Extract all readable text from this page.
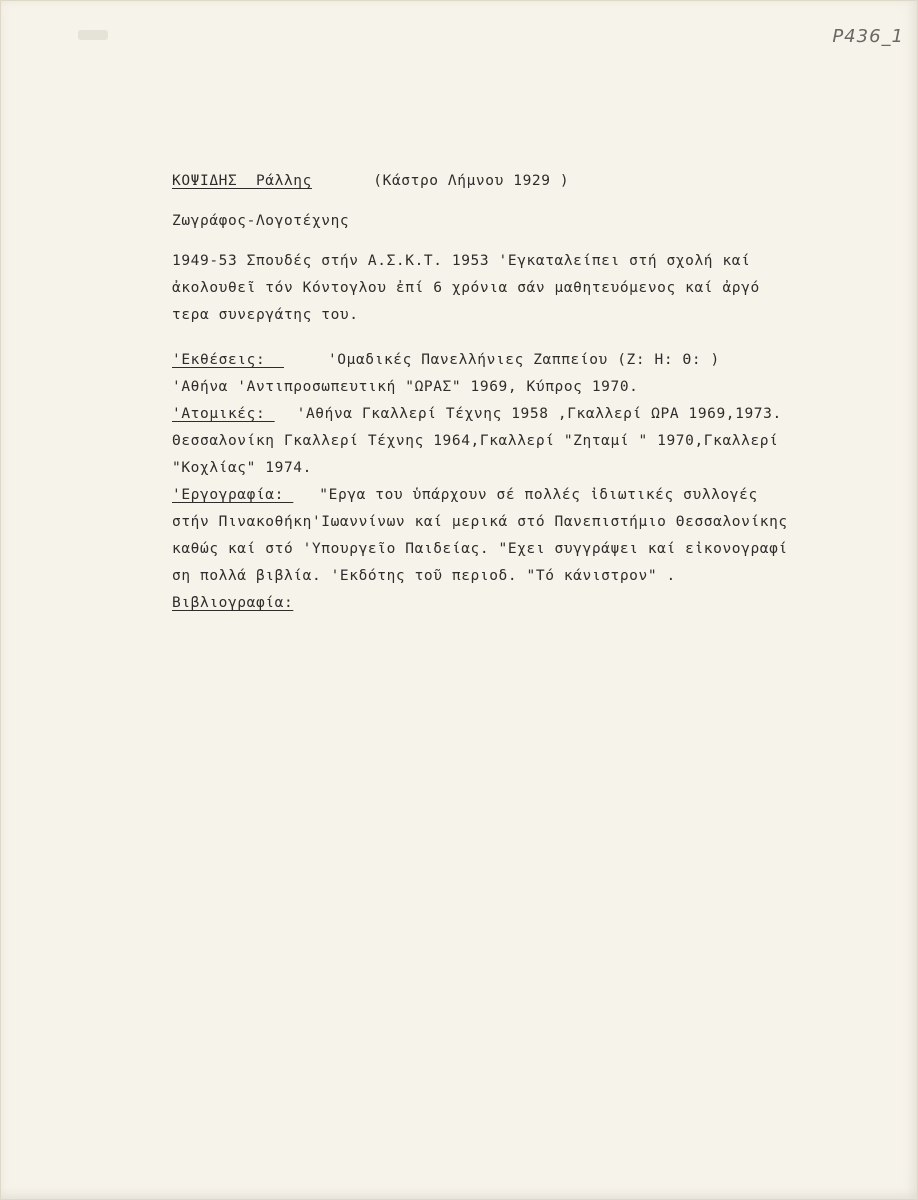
Ρ436_1
ΚΟΨΙΔΗΣ__Ράλλης	(Κάστρο Λήμνου 1929 )
Ζωγράφος-Λογοτέχνης
1949-53 Σπουδές στήν Α.Σ.Κ.Τ. 1953 'Εγκαταλείπει στή σχολή καί
ἀκολουθεῖ τόν Κόντογλου ἐπί 6 χρόνια σάν μαθητευόμενος καί ἀργό
τερα συνεργάτης του.
'Εκθέσεις:__	'Ομαδικές Πανελλήνιες Ζαππείου (Ζ: Η: Θ: )
'Αθήνα 'Αντιπροσωπευτική "ΩΡΑΣ" 1969, Κύπρος 1970.
'Ατομικές:_ 'Αθήνα Γκαλλερί Τέχνης 1958 ,Γκαλλερί ΩΡΑ 1969,1973.
Θεσσαλονίκη Γκαλλερί Τέχνης 1964,Γκαλλερί "Ζηταμί " 1970,Γκαλλερί
"Κοχλίας" 1974.
'Εργογραφία:_ "Εργα του ὑπάρχουν σέ πολλές ἰδιωτικές συλλογές
στήν Πινακοθήκη'Ιωαννίνων καί μερικά στό Πανεπιστήμιο Θεσσαλονίκης
καθώς καί στό 'Υπουργεῖο Παιδείας. "Εχει συγγράψει καί εἰκονογραφί
ση πολλά βιβλία. 'Εκδότης τοῦ περιοδ. "Τό κάνιστρον" .
Βιβλιογραφία:
